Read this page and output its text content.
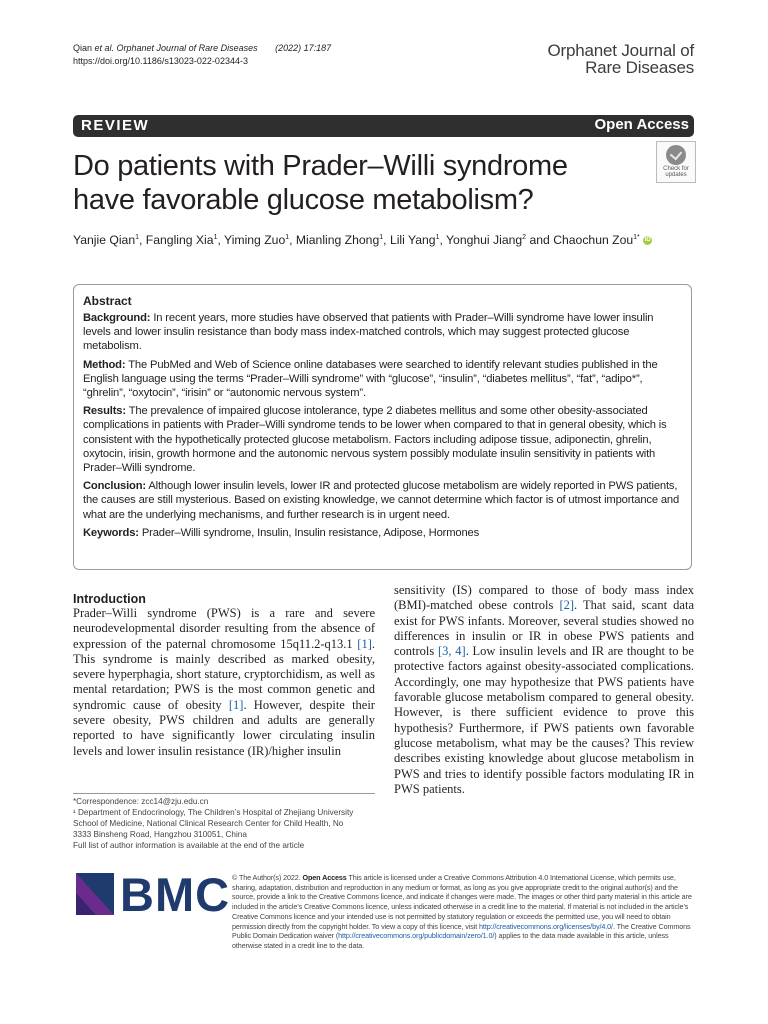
Qian et al. Orphanet Journal of Rare Diseases (2022) 17:187
https://doi.org/10.1186/s13023-022-02344-3
Orphanet Journal of
Rare Diseases
REVIEW	Open Access
Do patients with Prader–Willi syndrome have favorable glucose metabolism?
Check for
updates
Yanjie Qian$^1$, Fangling Xia$^1$, Yiming Zuo$^1$, Mianling Zhong$^1$, Lili Yang$^1$, Yonghui Jiang$^2$ and Chaochun Zou$^{1*}$ iD
Abstract

Background: In recent years, more studies have observed that patients with Prader–Willi syndrome have lower insulin levels and lower insulin resistance than body mass index-matched controls, which may suggest protected glucose metabolism.

Method: The PubMed and Web of Science online databases were searched to identify relevant studies published in the English language using the terms “Prader–Willi syndrome” with “glucose”, “insulin”, “diabetes mellitus”, “fat”, “adipo*”, “ghrelin”, “oxytocin”, “irisin” or “autonomic nervous system”.

Results: The prevalence of impaired glucose intolerance, type 2 diabetes mellitus and some other obesity-associated complications in patients with Prader–Willi syndrome tends to be lower when compared to that in general obesity, which is consistent with the hypothetically protected glucose metabolism. Factors including adipose tissue, adiponectin, ghrelin, oxytocin, irisin, growth hormone and the autonomic nervous system possibly modulate insulin sensitivity in patients with Prader–Willi syndrome.

Conclusion: Although lower insulin levels, lower IR and protected glucose metabolism are widely reported in PWS patients, the causes are still mysterious. Based on existing knowledge, we cannot determine which factor is of utmost importance and what are the underlying mechanisms, and further research is in urgent need.

Keywords: Prader–Willi syndrome, Insulin, Insulin resistance, Adipose, Hormones

Introduction
Prader–Willi syndrome (PWS) is a rare and severe neurodevelopmental disorder resulting from the absence of expression of the paternal chromosome 15q11.2-q13.1 [1]. This syndrome is mainly described as marked obesity, severe hyperphagia, short stature, cryptorchidism, as well as mental retardation; PWS is the most common genetic and syndromic cause of obesity [1]. However, despite their severe obesity, PWS children and adults are generally reported to have significantly lower circulating insulin levels and lower insulin resistance (IR)/higher insulin
sensitivity (IS) compared to those of body mass index (BMI)-matched obese controls [2]. That said, scant data exist for PWS infants. Moreover, several studies showed no differences in insulin or IR in obese PWS patients and controls [3, 4]. Low insulin levels and IR are thought to be protective factors against obesity-associated complications. Accordingly, one may hypothesize that PWS patients have favorable glucose metabolism compared to general obesity. However, is there sufficient evidence to prove this hypothesis? Furthermore, if PWS patients own favorable glucose metabolism, what may be the causes? This review describes existing knowledge about glucose metabolism in PWS and tries to identify possible factors modulating IR in PWS patients.
*Correspondence: zcc14@zju.edu.cn
¹ Department of Endocrinology, The Children’s Hospital of Zhejiang University School of Medicine, National Clinical Research Center for Child Health, No 3333 Binsheng Road, Hangzhou 310051, China
Full list of author information is available at the end of the article
BMC © The Author(s) 2022. Open Access This article is licensed under a Creative Commons Attribution 4.0 International License, which permits use, sharing, adaptation, distribution and reproduction in any medium or format, as long as you give appropriate credit to the original author(s) and the source, provide a link to the Creative Commons licence, and indicate if changes were made. The images or other third party material in this article are included in the article’s Creative Commons licence, unless indicated otherwise in a credit line to the material. If material is not included in the article’s Creative Commons licence and your intended use is not permitted by statutory regulation or exceeds the permitted use, you will need to obtain permission directly from the copyright holder. To view a copy of this licence, visit http://creativecommons.org/licenses/by/4.0/. The Creative Commons Public Domain Dedication waiver (http://creativecommons.org/publicdomain/zero/1.0/) applies to the data made available in this article, unless otherwise stated in a credit line to the data.
